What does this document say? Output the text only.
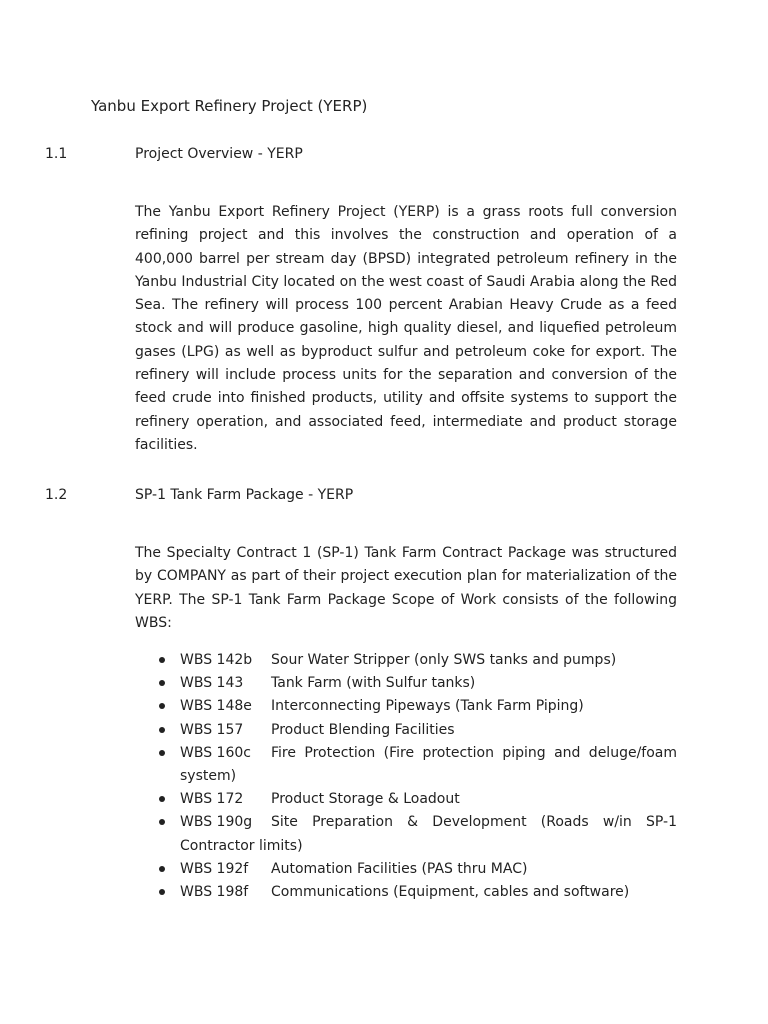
Yanbu Export Refinery Project (YERP)
1.1	Project Overview - YERP

The Yanbu Export Refinery Project (YERP) is a grass roots full conversion refining project and this involves the construction and operation of a 400,000 barrel per stream day (BPSD) integrated petroleum refinery in the Yanbu Industrial City located on the west coast of Saudi Arabia along the Red Sea. The refinery will process 100 percent Arabian Heavy Crude as a feed stock and will produce gasoline, high quality diesel, and liquefied petroleum gases (LPG) as well as byproduct sulfur and petroleum coke for export. The refinery will include process units for the separation and conversion of the feed crude into finished products, utility and offsite systems to support the refinery operation, and associated feed, intermediate and product storage facilities.

1.2	SP-1 Tank Farm Package - YERP

The Specialty Contract 1 (SP-1) Tank Farm Contract Package was structured by COMPANY as part of their project execution plan for materialization of the YERP. The SP-1 Tank Farm Package Scope of Work consists of the following WBS:

WBS 142b Sour Water Stripper (only SWS tanks and pumps)
WBS 143 Tank Farm (with Sulfur tanks)
WBS 148e Interconnecting Pipeways (Tank Farm Piping)
WBS 157 Product Blending Facilities
WBS 160c Fire Protection (Fire protection piping and deluge/foam system)
WBS 172 Product Storage & Loadout
WBS 190g Site Preparation & Development (Roads w/in SP-1 Contractor limits)
WBS 192f Automation Facilities (PAS thru MAC)
WBS 198f Communications (Equipment, cables and software)
